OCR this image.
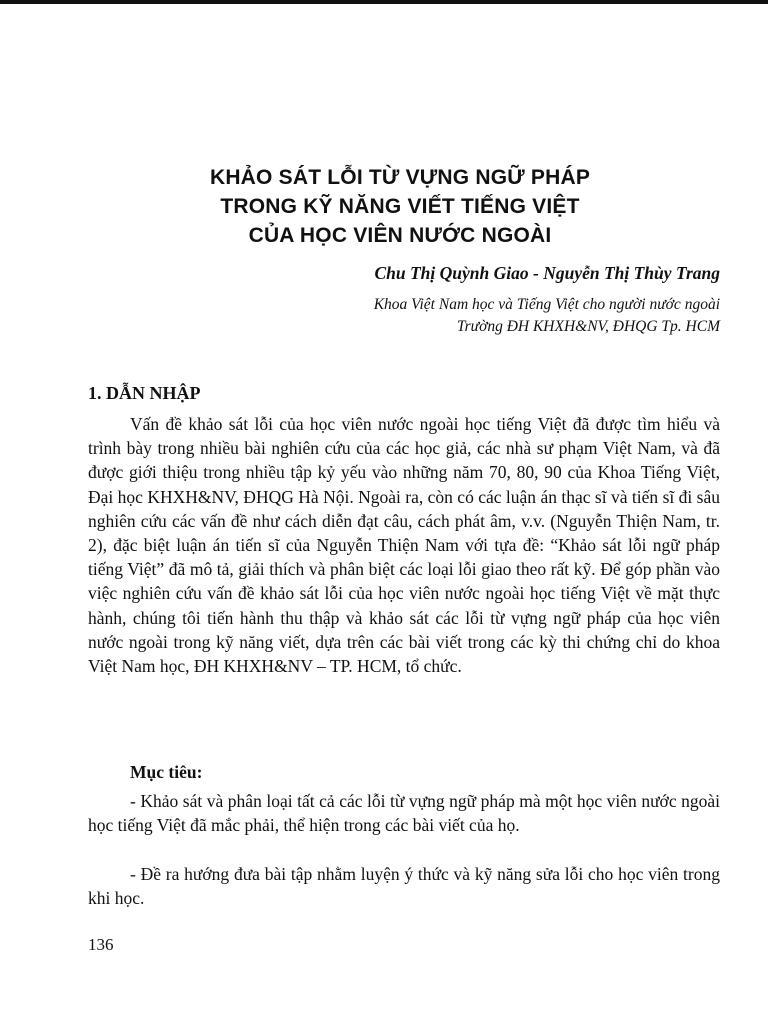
KHẢO SÁT LỖI TỪ VỰNG NGỮ PHÁP
TRONG KỸ NĂNG VIẾT TIẾNG VIỆT
CỦA HỌC VIÊN NƯỚC NGOÀI
Chu Thị Quỳnh Giao - Nguyễn Thị Thùy Trang
Khoa Việt Nam học và Tiếng Việt cho người nước ngoài
Trường ĐH KHXH&NV, ĐHQG Tp. HCM
1. DẪN NHẬP

Vấn đề khảo sát lỗi của học viên nước ngoài học tiếng Việt đã được tìm hiểu và trình bày trong nhiều bài nghiên cứu của các học giả, các nhà sư phạm Việt Nam, và đã được giới thiệu trong nhiều tập kỷ yếu vào những năm 70, 80, 90 của Khoa Tiếng Việt, Đại học KHXH&NV, ĐHQG Hà Nội. Ngoài ra, còn có các luận án thạc sĩ và tiến sĩ đi sâu nghiên cứu các vấn đề như cách diễn đạt câu, cách phát âm, v.v. (Nguyễn Thiện Nam, tr. 2), đặc biệt luận án tiến sĩ của Nguyễn Thiện Nam với tựa đề: “Khảo sát lỗi ngữ pháp tiếng Việt” đã mô tả, giải thích và phân biệt các loại lỗi giao theo rất kỹ. Để góp phần vào việc nghiên cứu vấn đề khảo sát lỗi của học viên nước ngoài học tiếng Việt về mặt thực hành, chúng tôi tiến hành thu thập và khảo sát các lỗi từ vựng ngữ pháp của học viên nước ngoài trong kỹ năng viết, dựa trên các bài viết trong các kỳ thi chứng chỉ do khoa Việt Nam học, ĐH KHXH&NV – TP. HCM, tổ chức.

Mục tiêu:

- Khảo sát và phân loại tất cả các lỗi từ vựng ngữ pháp mà một học viên nước ngoài học tiếng Việt đã mắc phải, thể hiện trong các bài viết của họ.

- Đề ra hướng đưa bài tập nhằm luyện ý thức và kỹ năng sửa lỗi cho học viên trong khi học.

136
